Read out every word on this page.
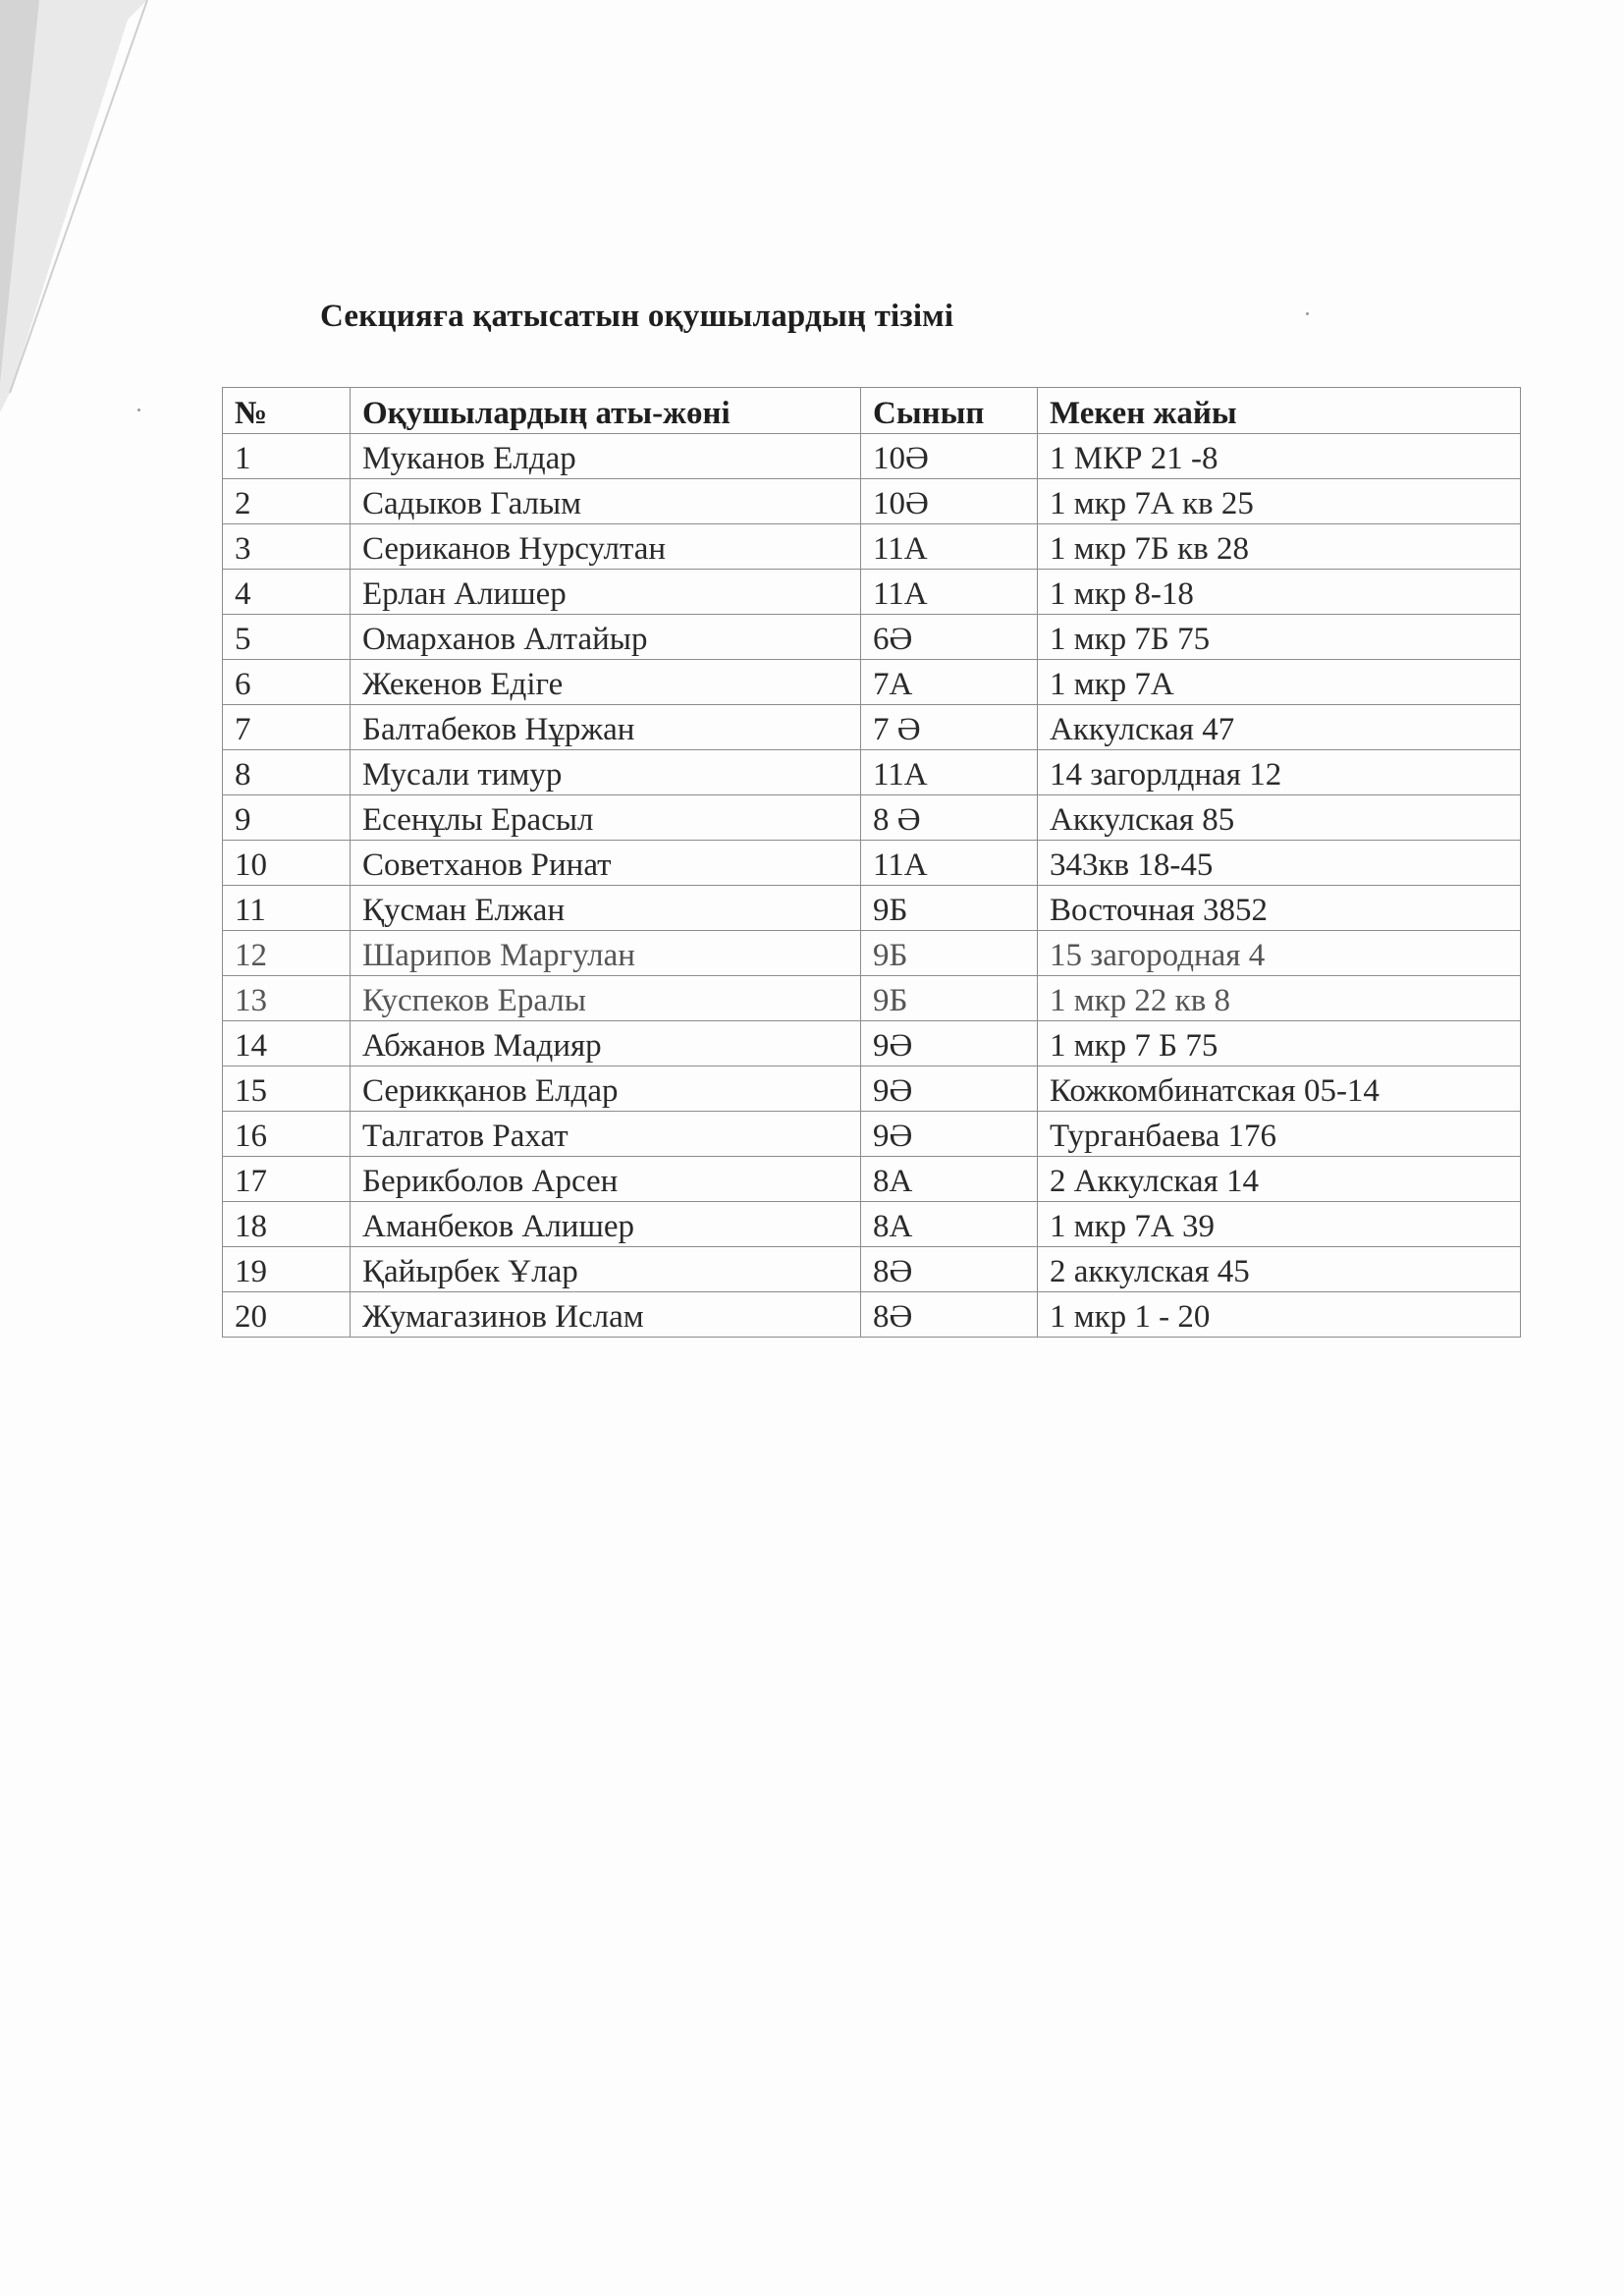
Секцияға қатысатын оқушылардың тізімі
№	Оқушылардың аты-жөні	Сынып	Мекен жайы
1	Муканов Елдар	10Ә	1 МКР 21 -8
2	Садыков Галым	10Ә	1 мкр 7А кв 25
3	Сериканов Нурсултан	11А	1 мкр 7Б кв 28
4	Ерлан Алишер	11А	1 мкр 8-18
5	Омарханов Алтайыр	6Ә	1 мкр 7Б 75
6	Жекенов Едіге	7А	1 мкр 7А
7	Балтабеков Нұржан	7 Ә	Аккулская 47
8	Мусали тимур	11А	14 загорлдная 12
9	Есенұлы Ерасыл	8 Ә	Аккулская 85
10	Советханов Ринат	11А	343кв 18-45
11	Қусман Елжан	9Б	Восточная 3852
12	Шарипов Маргулан	9Б	15 загородная 4
13	Куспеков Ералы	9Б	1 мкр 22 кв 8
14	Абжанов Мадияр	9Ә	1 мкр 7 Б 75
15	Серикқанов Елдар	9Ә	Кожкомбинатская 05-14
16	Талгатов Рахат	9Ә	Турганбаева 176
17	Берикболов Арсен	8А	2 Аккулская 14
18	Аманбеков Алишер	8А	1 мкр 7А 39
19	Қайырбек Ұлар	8Ә	2 аккулская 45
20	Жумагазинов Ислам	8Ә	1 мкр 1 - 20
